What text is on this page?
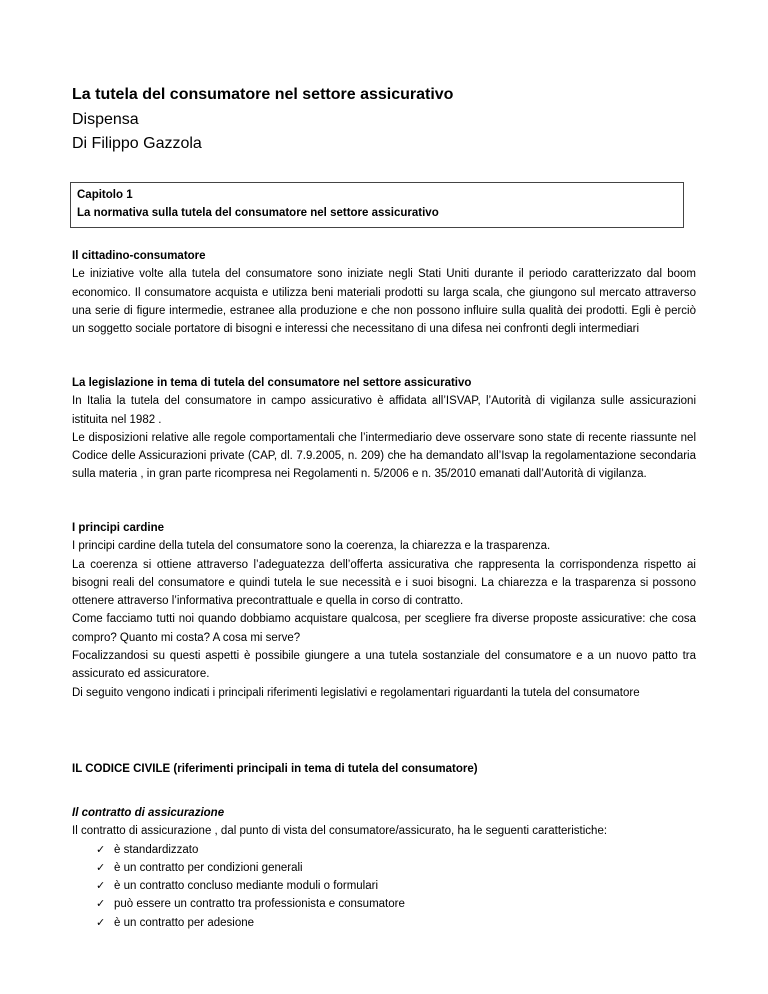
La tutela del consumatore nel settore assicurativo
Dispensa
Di Filippo Gazzola
Capitolo 1
La normativa sulla tutela del consumatore nel settore assicurativo

Il cittadino-consumatore

Le iniziative volte alla tutela del consumatore sono iniziate negli Stati Uniti durante il periodo caratterizzato dal boom economico. Il consumatore acquista e utilizza beni materiali prodotti su larga scala, che giungono sul mercato attraverso una serie di figure intermedie, estranee alla produzione e che non possono influire sulla qualità dei prodotti. Egli è perciò un soggetto sociale portatore di bisogni e interessi che necessitano di una difesa nei confronti degli intermediari

La legislazione in tema di tutela del consumatore nel settore assicurativo

In Italia la tutela del consumatore in campo assicurativo è affidata all’ISVAP, l’Autorità di vigilanza sulle assicurazioni istituita nel 1982 .

Le disposizioni relative alle regole comportamentali che l’intermediario deve osservare sono state di recente riassunte nel Codice delle Assicurazioni private (CAP, dl. 7.9.2005, n. 209) che ha demandato all’Isvap la regolamentazione secondaria sulla materia , in gran parte ricompresa nei Regolamenti n. 5/2006 e n. 35/2010 emanati dall’Autorità di vigilanza.

I principi cardine

I principi cardine della tutela del consumatore sono la coerenza, la chiarezza e la trasparenza.

La coerenza si ottiene attraverso l’adeguatezza dell’offerta assicurativa che rappresenta la corrispondenza rispetto ai bisogni reali del consumatore e quindi tutela le sue necessità e i suoi bisogni. La chiarezza e la trasparenza si possono ottenere attraverso l’informativa precontrattuale e quella in corso di contratto.

Come facciamo tutti noi quando dobbiamo acquistare qualcosa, per scegliere fra diverse proposte assicurative: che cosa compro? Quanto mi costa? A cosa mi serve?

Focalizzandosi su questi aspetti è possibile giungere a una tutela sostanziale del consumatore e a un nuovo patto tra assicurato ed assicuratore.

Di seguito vengono indicati i principali riferimenti legislativi e regolamentari riguardanti la tutela del consumatore

IL CODICE CIVILE (riferimenti principali in tema di tutela del consumatore)

Il contratto di assicurazione

Il contratto di assicurazione , dal punto di vista del consumatore/assicurato, ha le seguenti caratteristiche:

✓ è standardizzato
✓ è un contratto per condizioni generali
✓ è un contratto concluso mediante moduli o formulari
✓ può essere un contratto tra professionista e consumatore
✓ è un contratto per adesione
